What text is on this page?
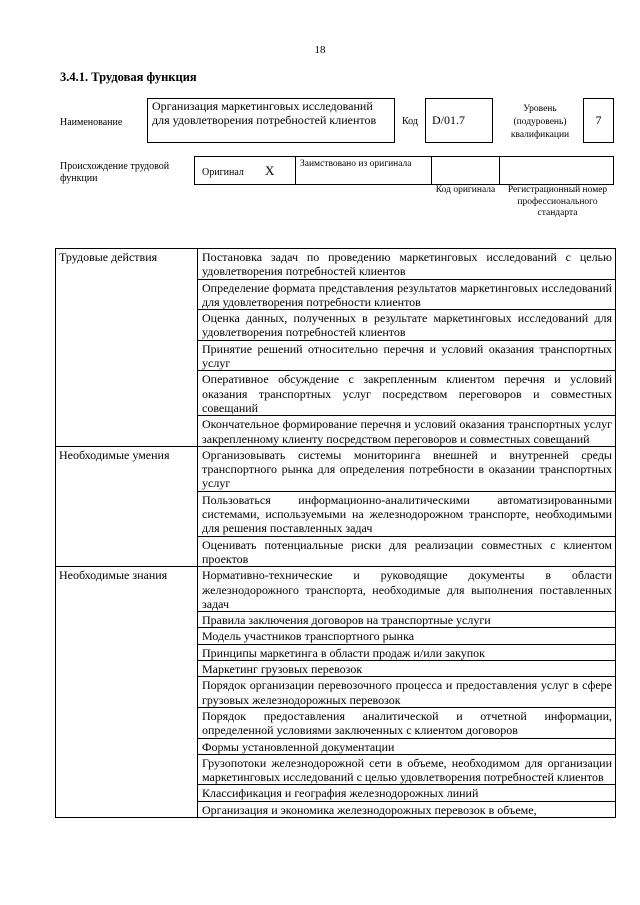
18
3.4.1. Трудовая функция
Наименование
Организация маркетинговых исследований для удовлетворения потребностей клиентов	Код	D/01.7
Уровень (подуровень) квалификации
7
Происхождение трудовой функции
Оригинал X	Заимствовано из оригинала
Код оригинала	Регистрационный номер профессионального стандарта
Трудовые действия	Постановка задач по проведению маркетинговых исследований с целью удовлетворения потребностей клиентов
	Определение формата представления результатов маркетинговых исследований для удовлетворения потребности клиентов
	Оценка данных, полученных в результате маркетинговых исследований для удовлетворения потребностей клиентов
	Принятие решений относительно перечня и условий оказания транспортных услуг
	Оперативное обсуждение с закрепленным клиентом перечня и условий оказания транспортных услуг посредством переговоров и совместных совещаний
	Окончательное формирование перечня и условий оказания транспортных услуг закрепленному клиенту посредством переговоров и совместных совещаний
Необходимые умения	Организовывать системы мониторинга внешней и внутренней среды транспортного рынка для определения потребности в оказании транспортных услуг
	Пользоваться информационно-аналитическими автоматизированными системами, используемыми на железнодорожном транспорте, необходимыми для решения поставленных задач
	Оценивать потенциальные риски для реализации совместных с клиентом проектов
Необходимые знания	Нормативно-технические и руководящие документы в области железнодорожного транспорта, необходимые для выполнения поставленных задач
	Правила заключения договоров на транспортные услуги
	Модель участников транспортного рынка
	Принципы маркетинга в области продаж и/или закупок
	Маркетинг грузовых перевозок
	Порядок организации перевозочного процесса и предоставления услуг в сфере грузовых железнодорожных перевозок
	Порядок предоставления аналитической и отчетной информации, определенной условиями заключенных с клиентом договоров
	Формы установленной документации
	Грузопотоки железнодорожной сети в объеме, необходимом для организации маркетинговых исследований с целью удовлетворения потребностей клиентов
	Классификация и география железнодорожных линий
	Организация и экономика железнодорожных перевозок в объеме,
